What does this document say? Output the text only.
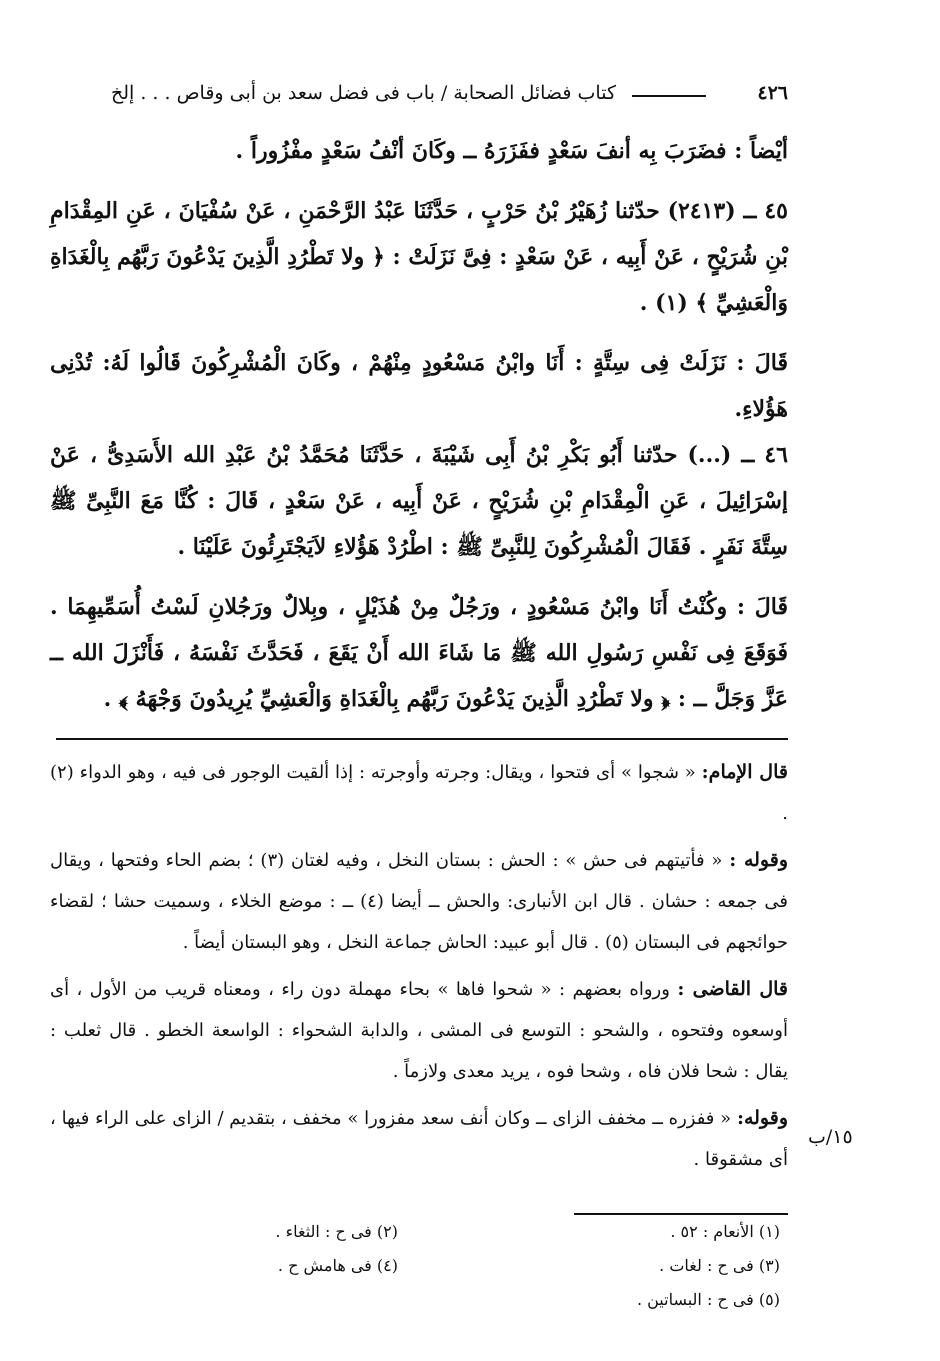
٤٢٦
كتاب فضائل الصحابة / باب فى فضل سعد بن أبى وقاص . . . إلخ

أيْضاً : فضَرَبَ بِه أنفَ سَعْدٍ ففَزَرَهُ ــ وكَانَ أنْفُ سَعْدٍ مفْزُوراً .

٤٥ ــ (٢٤١٣) حدّثنا زُهَيْرُ بْنُ حَرْبٍ ، حَدَّثَنَا عَبْدُ الرَّحْمَنِ ، عَنْ سُفْيَانَ ، عَنِ المِقْدَامِ بْنِ شُرَيْحٍ ، عَنْ أَبِيه ، عَنْ سَعْدٍ : فِىَّ نَزَلَتْ : ﴿ ولا تَطْرُدِ الَّذِينَ يَدْعُونَ رَبَّهُم بِالْغَدَاةِ وَالْعَشِيِّ ﴾ (١) .

قَالَ : نَزَلَتْ فِى سِتَّةٍ : أَنَا وابْنُ مَسْعُودٍ مِنْهُمْ ، وكَانَ الْمُشْرِكُونَ قَالُوا لَهُ: تُدْنِى هَؤُلاءِ.

٤٦ ــ (...) حدّثنا أَبُو بَكْرِ بْنُ أَبِى شَيْبَةَ ، حَدَّثَنَا مُحَمَّدُ بْنُ عَبْدِ الله الأَسَدِىُّ ، عَنْ إسْرَائِيلَ ، عَنِ الْمِقْدَامِ بْنِ شُرَيْحٍ ، عَنْ أَبِيه ، عَنْ سَعْدٍ ، قَالَ : كُنَّا مَعَ النَّبِىِّ ﷺ سِتَّةَ نَفَرٍ . فَقَالَ الْمُشْرِكُونَ لِلنَّبِىِّ ﷺ : اطْرُدْ هَؤُلاءِ لاَيَجْتَرِئُونَ عَلَيْنَا .

قَالَ : وكُنْتُ أَنَا وابْنُ مَسْعُودٍ ، ورَجُلٌ مِنْ هُذَيْلٍ ، وبِلالٌ ورَجُلانِ لَسْتُ أُسَمِّيهِمَا . فَوَقَعَ فِى نَفْسِ رَسُولِ الله ﷺ مَا شَاءَ الله أَنْ يَقَعَ ، فَحَدَّثَ نَفْسَهُ ، فَأَنْزَلَ الله ــ عَزَّ وَجَلَّ ــ : ﴿ ولا تَطْرُدِ الَّذِينَ يَدْعُونَ رَبَّهُم بِالْغَدَاةِ وَالْعَشِيِّ يُرِيدُونَ وَجْهَهُ ﴾ .

قال الإمام: « شجوا » أى فتحوا ، ويقال: وجرته وأوجرته : إذا ألقيت الوجور فى فيه ، وهو الدواء (٢) .

وقوله : « فأتيتهم فى حش » : الحش : بستان النخل ، وفيه لغتان (٣) ؛ بضم الحاء وفتحها ، ويقال فى جمعه : حشان . قال ابن الأنبارى: والحش ــ أيضا (٤) ــ : موضع الخلاء ، وسميت حشا ؛ لقضاء حوائجهم فى البستان (٥) . قال أبو عبيد: الحاش جماعة النخل ، وهو البستان أيضاً .

قال القاضى : ورواه بعضهم : « شحوا فاها » بحاء مهملة دون راء ، ومعناه قريب من الأول ، أى أوسعوه وفتحوه ، والشحو : التوسع فى المشى ، والدابة الشحواء : الواسعة الخطو . قال ثعلب : يقال : شحا فلان فاه ، وشحا فوه ، يريد معدى ولازماً .

وقوله: « ففزره ــ مخفف الزاى ــ وكان أنف سعد مفزورا » مخفف ، بتقديم / الزاى على الراء فيها ، أى مشقوقا .

١٥/ب
(١) الأنعام : ٥٢ .
(٢) فى ح : الثغاء .
(٣) فى ح : لغات .
(٤) فى هامش ح .
(٥) فى ح : البساتين .
